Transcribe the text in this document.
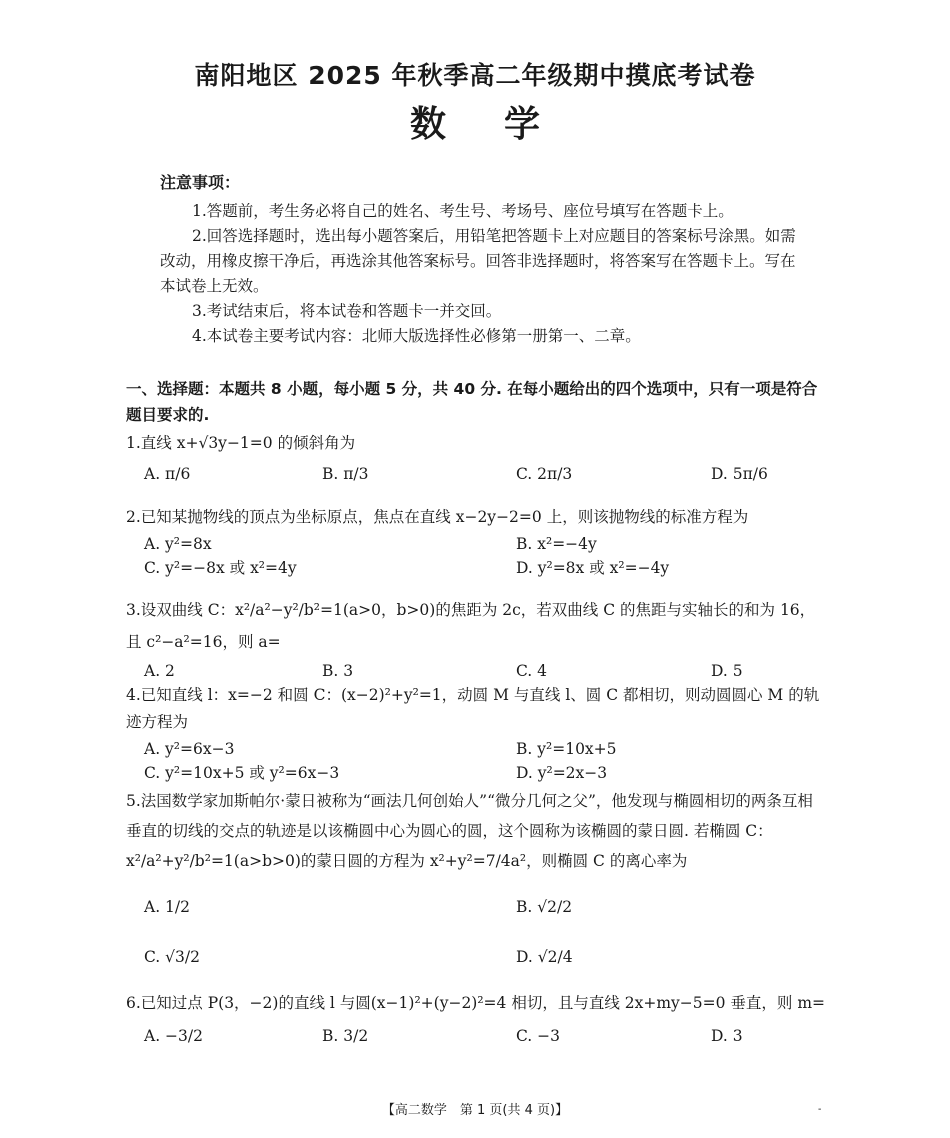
南阳地区 2025 年秋季高二年级期中摸底考试卷
数学
注意事项：

1.答题前，考生务必将自己的姓名、考生号、考场号、座位号填写在答题卡上。

2.回答选择题时，选出每小题答案后，用铅笔把答题卡上对应题目的答案标号涂黑。如需改动，用橡皮擦干净后，再选涂其他答案标号。回答非选择题时，将答案写在答题卡上。写在本试卷上无效。

3.考试结束后，将本试卷和答题卡一并交回。

4.本试卷主要考试内容：北师大版选择性必修第一册第一、二章。

一、选择题：本题共 8 小题，每小题 5 分，共 40 分. 在每小题给出的四个选项中，只有一项是符合题目要求的.

1.直线 x+√3y−1=0 的倾斜角为

A. π/6	B. π/3	C. 2π/3	D. 5π/6

2.已知某抛物线的顶点为坐标原点，焦点在直线 x−2y−2=0 上，则该抛物线的标准方程为

A. y²=8x	B. x²=−4y
C. y²=−8x 或 x²=4y	D. y²=8x 或 x²=−4y

3.设双曲线 C：x²/a²−y²/b²=1(a>0，b>0)的焦距为 2c，若双曲线 C 的焦距与实轴长的和为 16，且 c²−a²=16，则 a=

A. 2	B. 3	C. 4	D. 5

4.已知直线 l：x=−2 和圆 C：(x−2)²+y²=1，动圆 M 与直线 l、圆 C 都相切，则动圆圆心 M 的轨迹方程为

A. y²=6x−3	B. y²=10x+5
C. y²=10x+5 或 y²=6x−3	D. y²=2x−3

5.法国数学家加斯帕尔·蒙日被称为“画法几何创始人”“微分几何之父”，他发现与椭圆相切的两条互相垂直的切线的交点的轨迹是以该椭圆中心为圆心的圆，这个圆称为该椭圆的蒙日圆. 若椭圆 C：x²/a²+y²/b²=1(a>b>0)的蒙日圆的方程为 x²+y²=7/4a²，则椭圆 C 的离心率为

A. 1/2	B. √2/2
C. √3/2	D. √2/4

6.已知过点 P(3，−2)的直线 l 与圆(x−1)²+(y−2)²=4 相切，且与直线 2x+my−5=0 垂直，则 m=

A. −3/2	B. 3/2	C. −3	D. 3
【高二数学　第 1 页(共 4 页)】	-
